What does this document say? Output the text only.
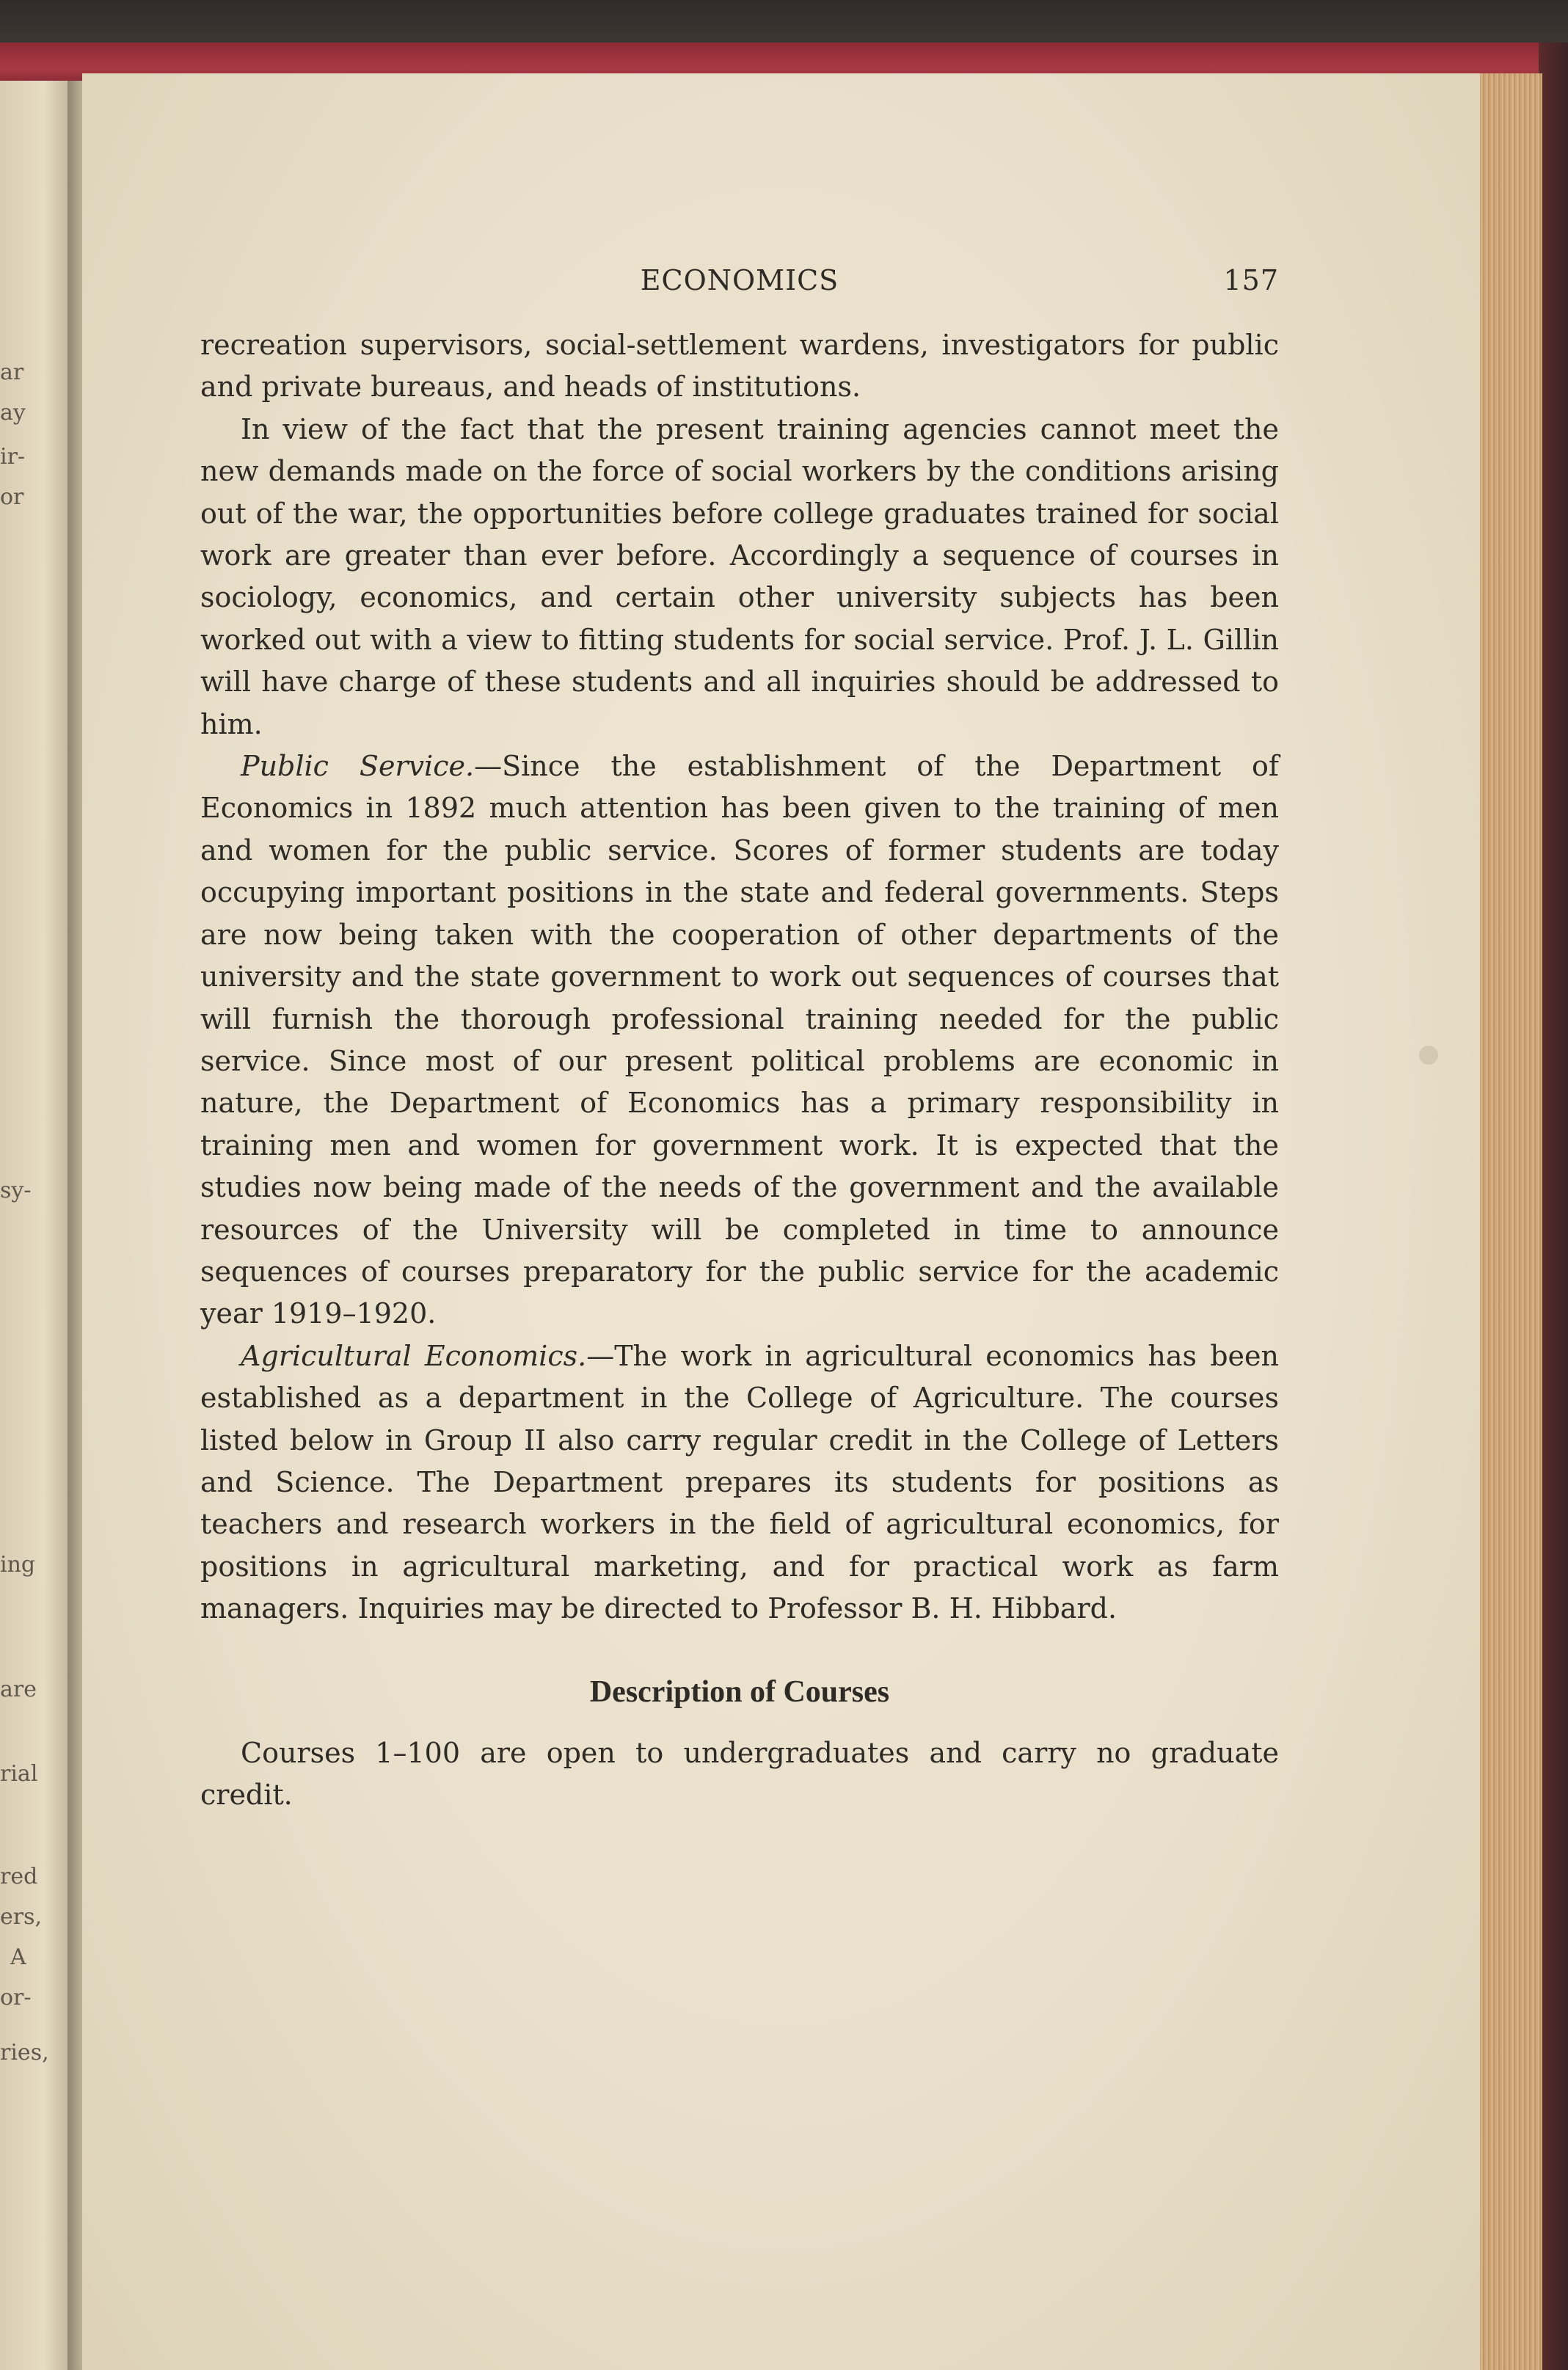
ar
ay
ir-
or
sy-
ing
are
rial
red
ers,
A
or-
ries,
ECONOMICS	157

recreation supervisors, social-settlement wardens, investigators for public and private bureaus, and heads of institutions.

In view of the fact that the present training agencies cannot meet the new demands made on the force of social workers by the conditions arising out of the war, the opportunities before college graduates trained for social work are greater than ever before. Accordingly a sequence of courses in sociology, economics, and certain other university subjects has been worked out with a view to fitting students for social service. Prof. J. L. Gillin will have charge of these students and all inquiries should be addressed to him.

Public Service.—Since the establishment of the Department of Economics in 1892 much attention has been given to the training of men and women for the public service. Scores of former students are today occupying important positions in the state and federal governments. Steps are now being taken with the cooperation of other departments of the university and the state government to work out sequences of courses that will furnish the thorough professional training needed for the public service. Since most of our present political problems are economic in nature, the Department of Economics has a primary responsibility in training men and women for government work. It is expected that the studies now being made of the needs of the government and the available resources of the University will be completed in time to announce sequences of courses preparatory for the public service for the academic year 1919–1920.

Agricultural Economics.—The work in agricultural economics has been established as a department in the College of Agriculture. The courses listed below in Group II also carry regular credit in the College of Letters and Science. The Department prepares its students for positions as teachers and research workers in the field of agricultural economics, for positions in agricultural marketing, and for practical work as farm managers. Inquiries may be directed to Professor B. H. Hibbard.

Description of Courses

Courses 1–100 are open to undergraduates and carry no graduate credit.
